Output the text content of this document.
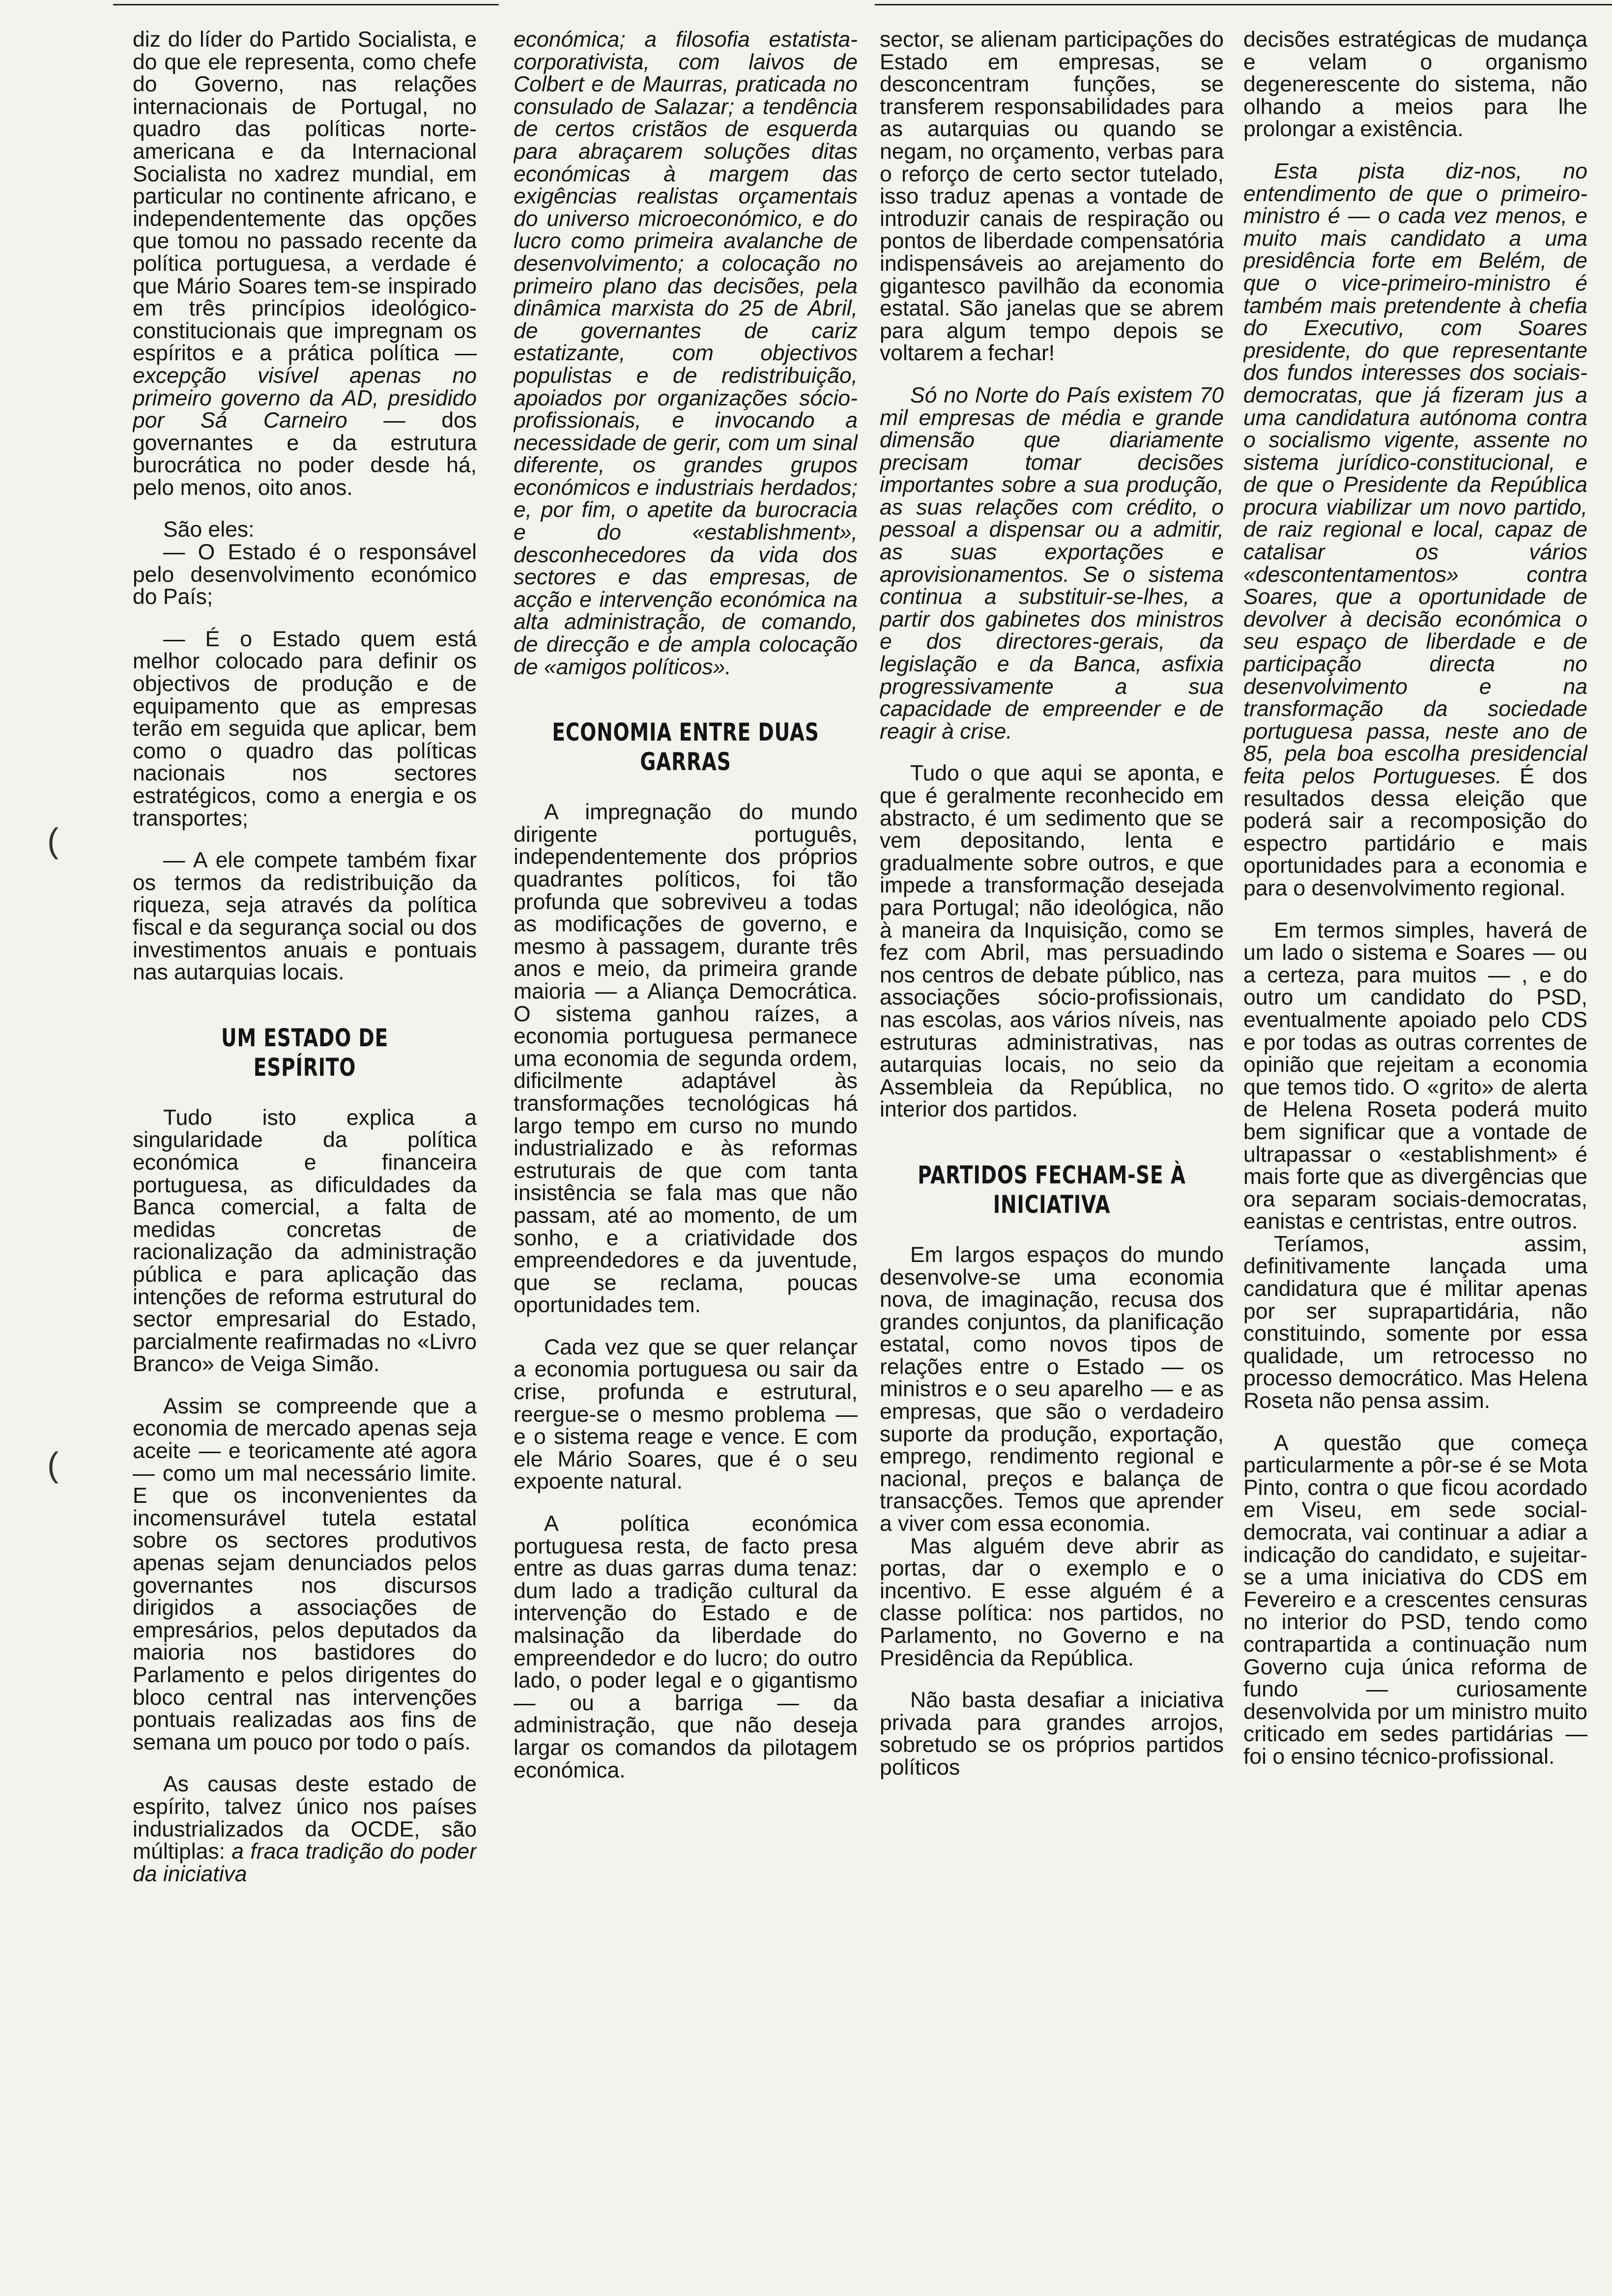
diz do líder do Partido Socialista, e do que ele representa, como chefe do Governo, nas relações internacionais de Portugal, no quadro das políticas norte-americana e da Internacional Socialista no xadrez mundial, em particular no continente africano, e independentemente das opções que tomou no passado recente da política portuguesa, a verdade é que Mário Soares tem-se inspirado em três princípios ideológico-constitucionais que impregnam os espíritos e a prática política — excepção visível apenas no primeiro governo da AD, presidido por Sá Carneiro — dos governantes e da estrutura burocrática no poder desde há, pelo menos, oito anos.

São eles:

— O Estado é o responsável pelo desenvolvimento económico do País;

— É o Estado quem está melhor colocado para definir os objectivos de produção e de equipamento que as empresas terão em seguida que aplicar, bem como o quadro das políticas nacionais nos sectores estratégicos, como a energia e os transportes;

— A ele compete também fixar os termos da redistribuição da riqueza, seja através da política fiscal e da segurança social ou dos investimentos anuais e pontuais nas autarquias locais.

UM ESTADO DE ESPÍRITO

Tudo isto explica a singularidade da política económica e financeira portuguesa, as dificuldades da Banca comercial, a falta de medidas concretas de racionalização da administração pública e para aplicação das intenções de reforma estrutural do sector empresarial do Estado, parcialmente reafirmadas no «Livro Branco» de Veiga Simão.

Assim se compreende que a economia de mercado apenas seja aceite — e teoricamente até agora — como um mal necessário limite. E que os inconvenientes da incomensurável tutela estatal sobre os sectores produtivos apenas sejam denunciados pelos governantes nos discursos dirigidos a associações de empresários, pelos deputados da maioria nos bastidores do Parlamento e pelos dirigentes do bloco central nas intervenções pontuais realizadas aos fins de semana um pouco por todo o país.

As causas deste estado de espírito, talvez único nos países industrializados da OCDE, são múltiplas: a fraca tradição do poder da iniciativa

económica; a filosofia estatista-corporativista, com laivos de Colbert e de Maurras, praticada no consulado de Salazar; a tendência de certos cristãos de esquerda para abraçarem soluções ditas económicas à margem das exigências realistas orçamentais do universo microeconómico, e do lucro como primeira avalanche de desenvolvimento; a colocação no primeiro plano das decisões, pela dinâmica marxista do 25 de Abril, de governantes de cariz estatizante, com objectivos populistas e de redistribuição, apoiados por organizações sócio-profissionais, e invocando a necessidade de gerir, com um sinal diferente, os grandes grupos económicos e industriais herdados; e, por fim, o apetite da burocracia e do «establishment», desconhecedores da vida dos sectores e das empresas, de acção e intervenção económica na alta administração, de comando, de direcção e de ampla colocação de «amigos políticos».

ECONOMIA ENTRE DUAS GARRAS

A impregnação do mundo dirigente português, independentemente dos próprios quadrantes políticos, foi tão profunda que sobreviveu a todas as modificações de governo, e mesmo à passagem, durante três anos e meio, da primeira grande maioria — a Aliança Democrática. O sistema ganhou raízes, a economia portuguesa permanece uma economia de segunda ordem, dificilmente adaptável às transformações tecnológicas há largo tempo em curso no mundo industrializado e às reformas estruturais de que com tanta insistência se fala mas que não passam, até ao momento, de um sonho, e a criatividade dos empreendedores e da juventude, que se reclama, poucas oportunidades tem.

Cada vez que se quer relançar a economia portuguesa ou sair da crise, profunda e estrutural, reergue-se o mesmo problema — e o sistema reage e vence. E com ele Mário Soares, que é o seu expoente natural.

A política económica portuguesa resta, de facto presa entre as duas garras duma tenaz: dum lado a tradição cultural da intervenção do Estado e de malsinação da liberdade do empreendedor e do lucro; do outro lado, o poder legal e o gigantismo — ou a barriga — da administração, que não deseja largar os comandos da pilotagem económica.

sector, se alienam participações do Estado em empresas, se desconcentram funções, se transferem responsabilidades para as autarquias ou quando se negam, no orçamento, verbas para o reforço de certo sector tutelado, isso traduz apenas a vontade de introduzir canais de respiração ou pontos de liberdade compensatória indispensáveis ao arejamento do gigantesco pavilhão da economia estatal. São janelas que se abrem para algum tempo depois se voltarem a fechar!

Só no Norte do País existem 70 mil empresas de média e grande dimensão que diariamente precisam tomar decisões importantes sobre a sua produção, as suas relações com crédito, o pessoal a dispensar ou a admitir, as suas exportações e aprovisionamentos. Se o sistema continua a substituir-se-lhes, a partir dos gabinetes dos ministros e dos directores-gerais, da legislação e da Banca, asfixia progressivamente a sua capacidade de empreender e de reagir à crise.

Tudo o que aqui se aponta, e que é geralmente reconhecido em abstracto, é um sedimento que se vem depositando, lenta e gradualmente sobre outros, e que impede a transformação desejada para Portugal; não ideológica, não à maneira da Inquisição, como se fez com Abril, mas persuadindo nos centros de debate público, nas associações sócio-profissionais, nas escolas, aos vários níveis, nas estruturas administrativas, nas autarquias locais, no seio da Assembleia da República, no interior dos partidos.

PARTIDOS FECHAM-SE À INICIATIVA

Em largos espaços do mundo desenvolve-se uma economia nova, de imaginação, recusa dos grandes conjuntos, da planificação estatal, como novos tipos de relações entre o Estado — os ministros e o seu aparelho — e as empresas, que são o verdadeiro suporte da produção, exportação, emprego, rendimento regional e nacional, preços e balança de transacções. Temos que aprender a viver com essa economia.

Mas alguém deve abrir as portas, dar o exemplo e o incentivo. E esse alguém é a classe política: nos partidos, no Parlamento, no Governo e na Presidência da República.

Não basta desafiar a iniciativa privada para grandes arrojos, sobretudo se os próprios partidos políticos

decisões estratégicas de mudança e velam o organismo degenerescente do sistema, não olhando a meios para lhe prolongar a existência.

Esta pista diz-nos, no entendimento de que o primeiro-ministro é — o cada vez menos, e muito mais candidato a uma presidência forte em Belém, de que o vice-primeiro-ministro é também mais pretendente à chefia do Executivo, com Soares presidente, do que representante dos fundos interesses dos sociais-democratas, que já fizeram jus a uma candidatura autónoma contra o socialismo vigente, assente no sistema jurídico-constitucional, e de que o Presidente da República procura viabilizar um novo partido, de raiz regional e local, capaz de catalisar os vários «descontentamentos» contra Soares, que a oportunidade de devolver à decisão económica o seu espaço de liberdade e de participação directa no desenvolvimento e na transformação da sociedade portuguesa passa, neste ano de 85, pela boa escolha presidencial feita pelos Portugueses. É dos resultados dessa eleição que poderá sair a recomposição do espectro partidário e mais oportunidades para a economia e para o desenvolvimento regional.

Em termos simples, haverá de um lado o sistema e Soares — ou a certeza, para muitos — , e do outro um candidato do PSD, eventualmente apoiado pelo CDS e por todas as outras correntes de opinião que rejeitam a economia que temos tido. O «grito» de alerta de Helena Roseta poderá muito bem significar que a vontade de ultrapassar o «establishment» é mais forte que as divergências que ora separam sociais-democratas, eanistas e centristas, entre outros.

Teríamos, assim, definitivamente lançada uma candidatura que é militar apenas por ser suprapartidária, não constituindo, somente por essa qualidade, um retrocesso no processo democrático. Mas Helena Roseta não pensa assim.

A questão que começa particularmente a pôr-se é se Mota Pinto, contra o que ficou acordado em Viseu, em sede social-democrata, vai continuar a adiar a indicação do candidato, e sujeitar-se a uma iniciativa do CDS em Fevereiro e a crescentes censuras no interior do PSD, tendo como contrapartida a continuação num Governo cuja única reforma de fundo — curiosamente desenvolvida por um ministro muito criticado em sedes partidárias — foi o ensino técnico-profissional.

(
(
